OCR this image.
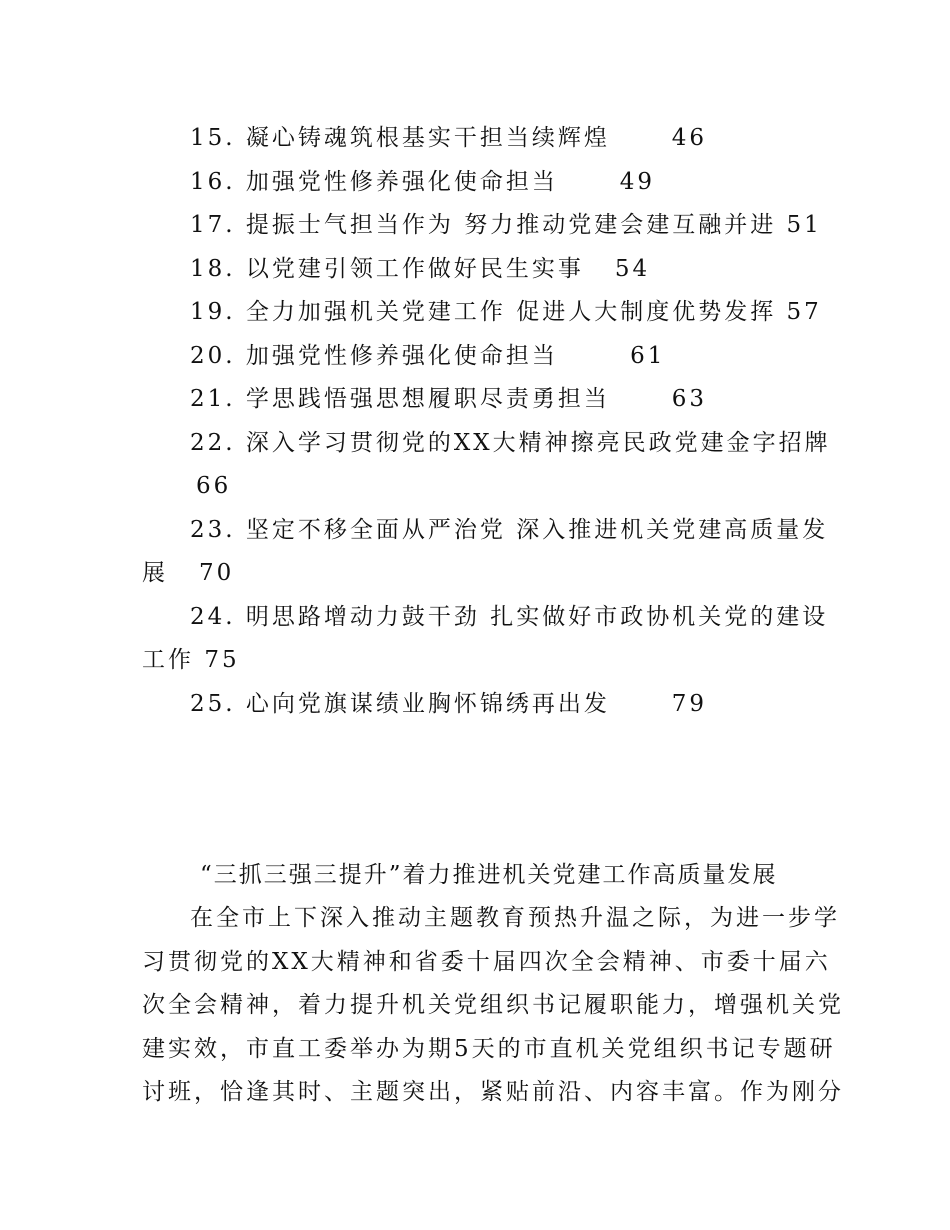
15. 凝心铸魂筑根基实干担当续辉煌	46
16. 加强党性修养强化使命担当	49
17. 提振士气担当作为 努力推动党建会建互融并进 51
18. 以党建引领工作做好民生实事 54
19. 全力加强机关党建工作 促进人大制度优势发挥 57
20. 加强党性修养强化使命担当	61
21. 学思践悟强思想履职尽责勇担当	63
22. 深入学习贯彻党的XX大精神擦亮民政党建金字招牌
66
23. 坚定不移全面从严治党 深入推进机关党建高质量发
展 70
24. 明思路增动力鼓干劲 扎实做好市政协机关党的建设
工作 75
25. 心向党旗谋绩业胸怀锦绣再出发	79
“三抓三强三提升”着力推进机关党建工作高质量发展
在全市上下深入推动主题教育预热升温之际，为进一步学
习贯彻党的XX大精神和省委十届四次全会精神、市委十届六
次全会精神，着力提升机关党组织书记履职能力，增强机关党
建实效，市直工委举办为期5天的市直机关党组织书记专题研
讨班，恰逢其时、主题突出，紧贴前沿、内容丰富。作为刚分
